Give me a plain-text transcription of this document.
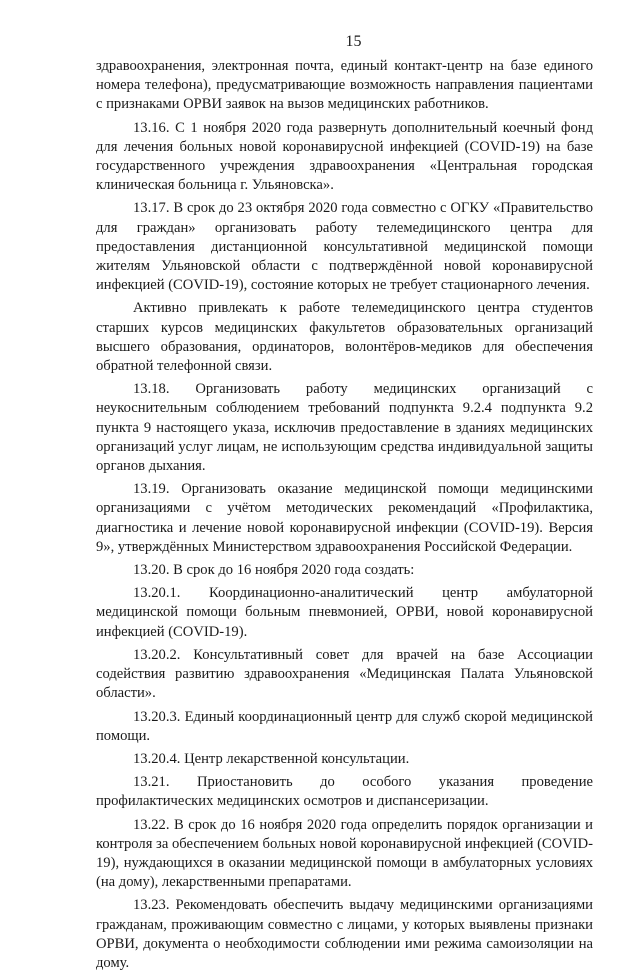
15

здравоохранения, электронная почта, единый контакт-центр на базе единого номера телефона), предусматривающие возможность направления пациентами с признаками ОРВИ заявок на вызов медицинских работников.

13.16. С 1 ноября 2020 года развернуть дополнительный коечный фонд для лечения больных новой коронавирусной инфекцией (COVID-19) на базе государственного учреждения здравоохранения «Центральная городская клиническая больница г. Ульяновска».

13.17. В срок до 23 октября 2020 года совместно с ОГКУ «Правительство для граждан» организовать работу телемедицинского центра для предоставления дистанционной консультативной медицинской помощи жителям Ульяновской области с подтверждённой новой коронавирусной инфекцией (COVID-19), состояние которых не требует стационарного лечения.

Активно привлекать к работе телемедицинского центра студентов старших курсов медицинских факультетов образовательных организаций высшего образования, ординаторов, волонтёров-медиков для обеспечения обратной телефонной связи.

13.18. Организовать работу медицинских организаций с неукоснительным соблюдением требований подпункта 9.2.4 подпункта 9.2 пункта 9 настоящего указа, исключив предоставление в зданиях медицинских организаций услуг лицам, не использующим средства индивидуальной защиты органов дыхания.

13.19. Организовать оказание медицинской помощи медицинскими организациями с учётом методических рекомендаций «Профилактика, диагностика и лечение новой коронавирусной инфекции (COVID-19). Версия 9», утверждённых Министерством здравоохранения Российской Федерации.

13.20. В срок до 16 ноября 2020 года создать:

13.20.1. Координационно-аналитический центр амбулаторной медицинской помощи больным пневмонией, ОРВИ, новой коронавирусной инфекцией (COVID-19).

13.20.2. Консультативный совет для врачей на базе Ассоциации содействия развитию здравоохранения «Медицинская Палата Ульяновской области».

13.20.3. Единый координационный центр для служб скорой медицинской помощи.

13.20.4. Центр лекарственной консультации.

13.21. Приостановить до особого указания проведение профилактических медицинских осмотров и диспансеризации.

13.22. В срок до 16 ноября 2020 года определить порядок организации и контроля за обеспечением больных новой коронавирусной инфекцией (COVID-19), нуждающихся в оказании медицинской помощи в амбулаторных условиях (на дому), лекарственными препаратами.

13.23. Рекомендовать обеспечить выдачу медицинскими организациями гражданам, проживающим совместно с лицами, у которых выявлены признаки ОРВИ, документа о необходимости соблюдении ими режима самоизоляции на дому.
